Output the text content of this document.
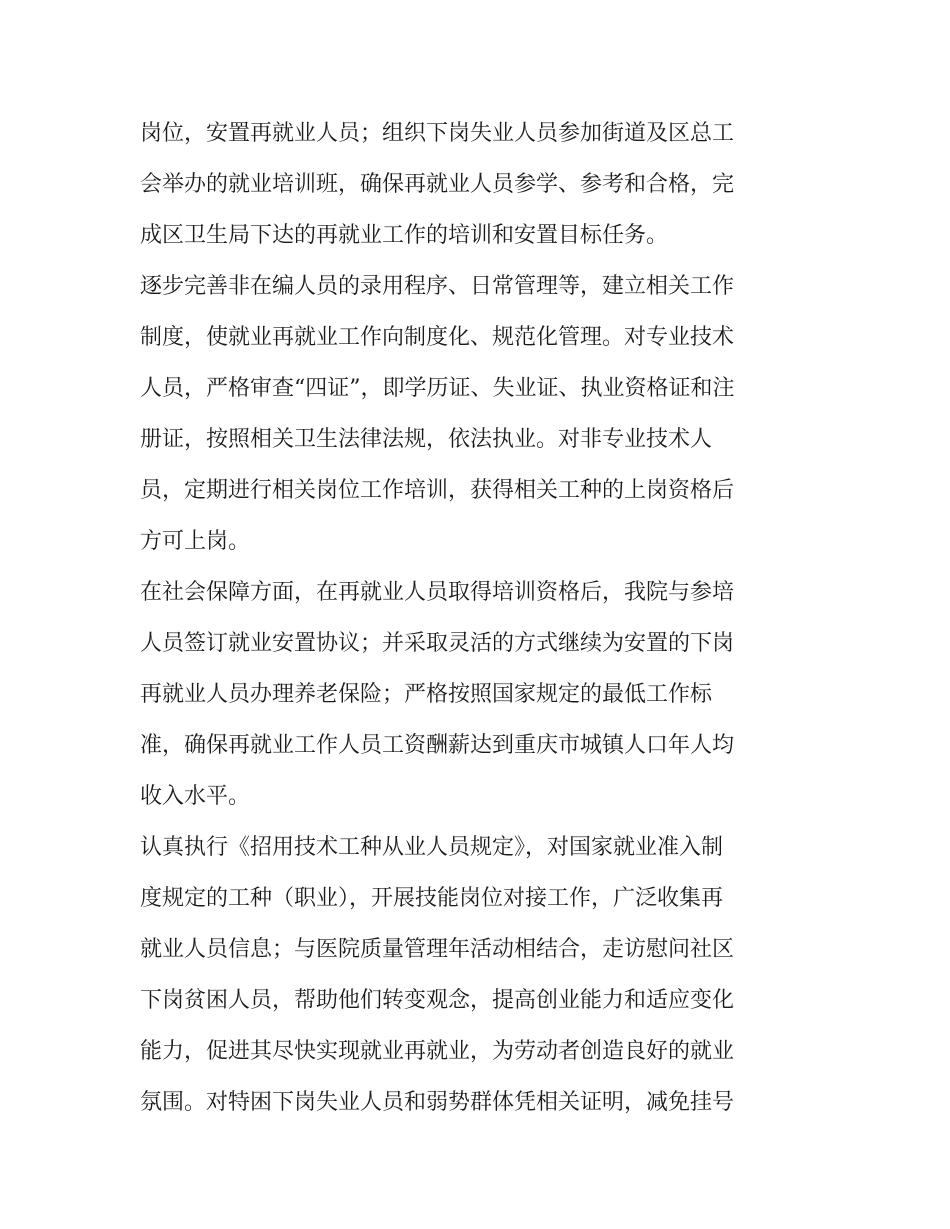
岗位，安置再就业人员；组织下岗失业人员参加街道及区总工
会举办的就业培训班，确保再就业人员参学、参考和合格，完
成区卫生局下达的再就业工作的培训和安置目标任务。
逐步完善非在编人员的录用程序、日常管理等，建立相关工作
制度，使就业再就业工作向制度化、规范化管理。对专业技术
人员，严格审查“四证”，即学历证、失业证、执业资格证和注
册证，按照相关卫生法律法规，依法执业。对非专业技术人
员，定期进行相关岗位工作培训，获得相关工种的上岗资格后
方可上岗。
在社会保障方面，在再就业人员取得培训资格后，我院与参培
人员签订就业安置协议；并采取灵活的方式继续为安置的下岗
再就业人员办理养老保险；严格按照国家规定的最低工作标
准，确保再就业工作人员工资酬薪达到重庆市城镇人口年人均
收入水平。
认真执行《招用技术工种从业人员规定》，对国家就业准入制
度规定的工种（职业），开展技能岗位对接工作，广泛收集再
就业人员信息；与医院质量管理年活动相结合，走访慰问社区
下岗贫困人员，帮助他们转变观念，提高创业能力和适应变化
能力，促进其尽快实现就业再就业，为劳动者创造良好的就业
氛围。对特困下岗失业人员和弱势群体凭相关证明，减免挂号
